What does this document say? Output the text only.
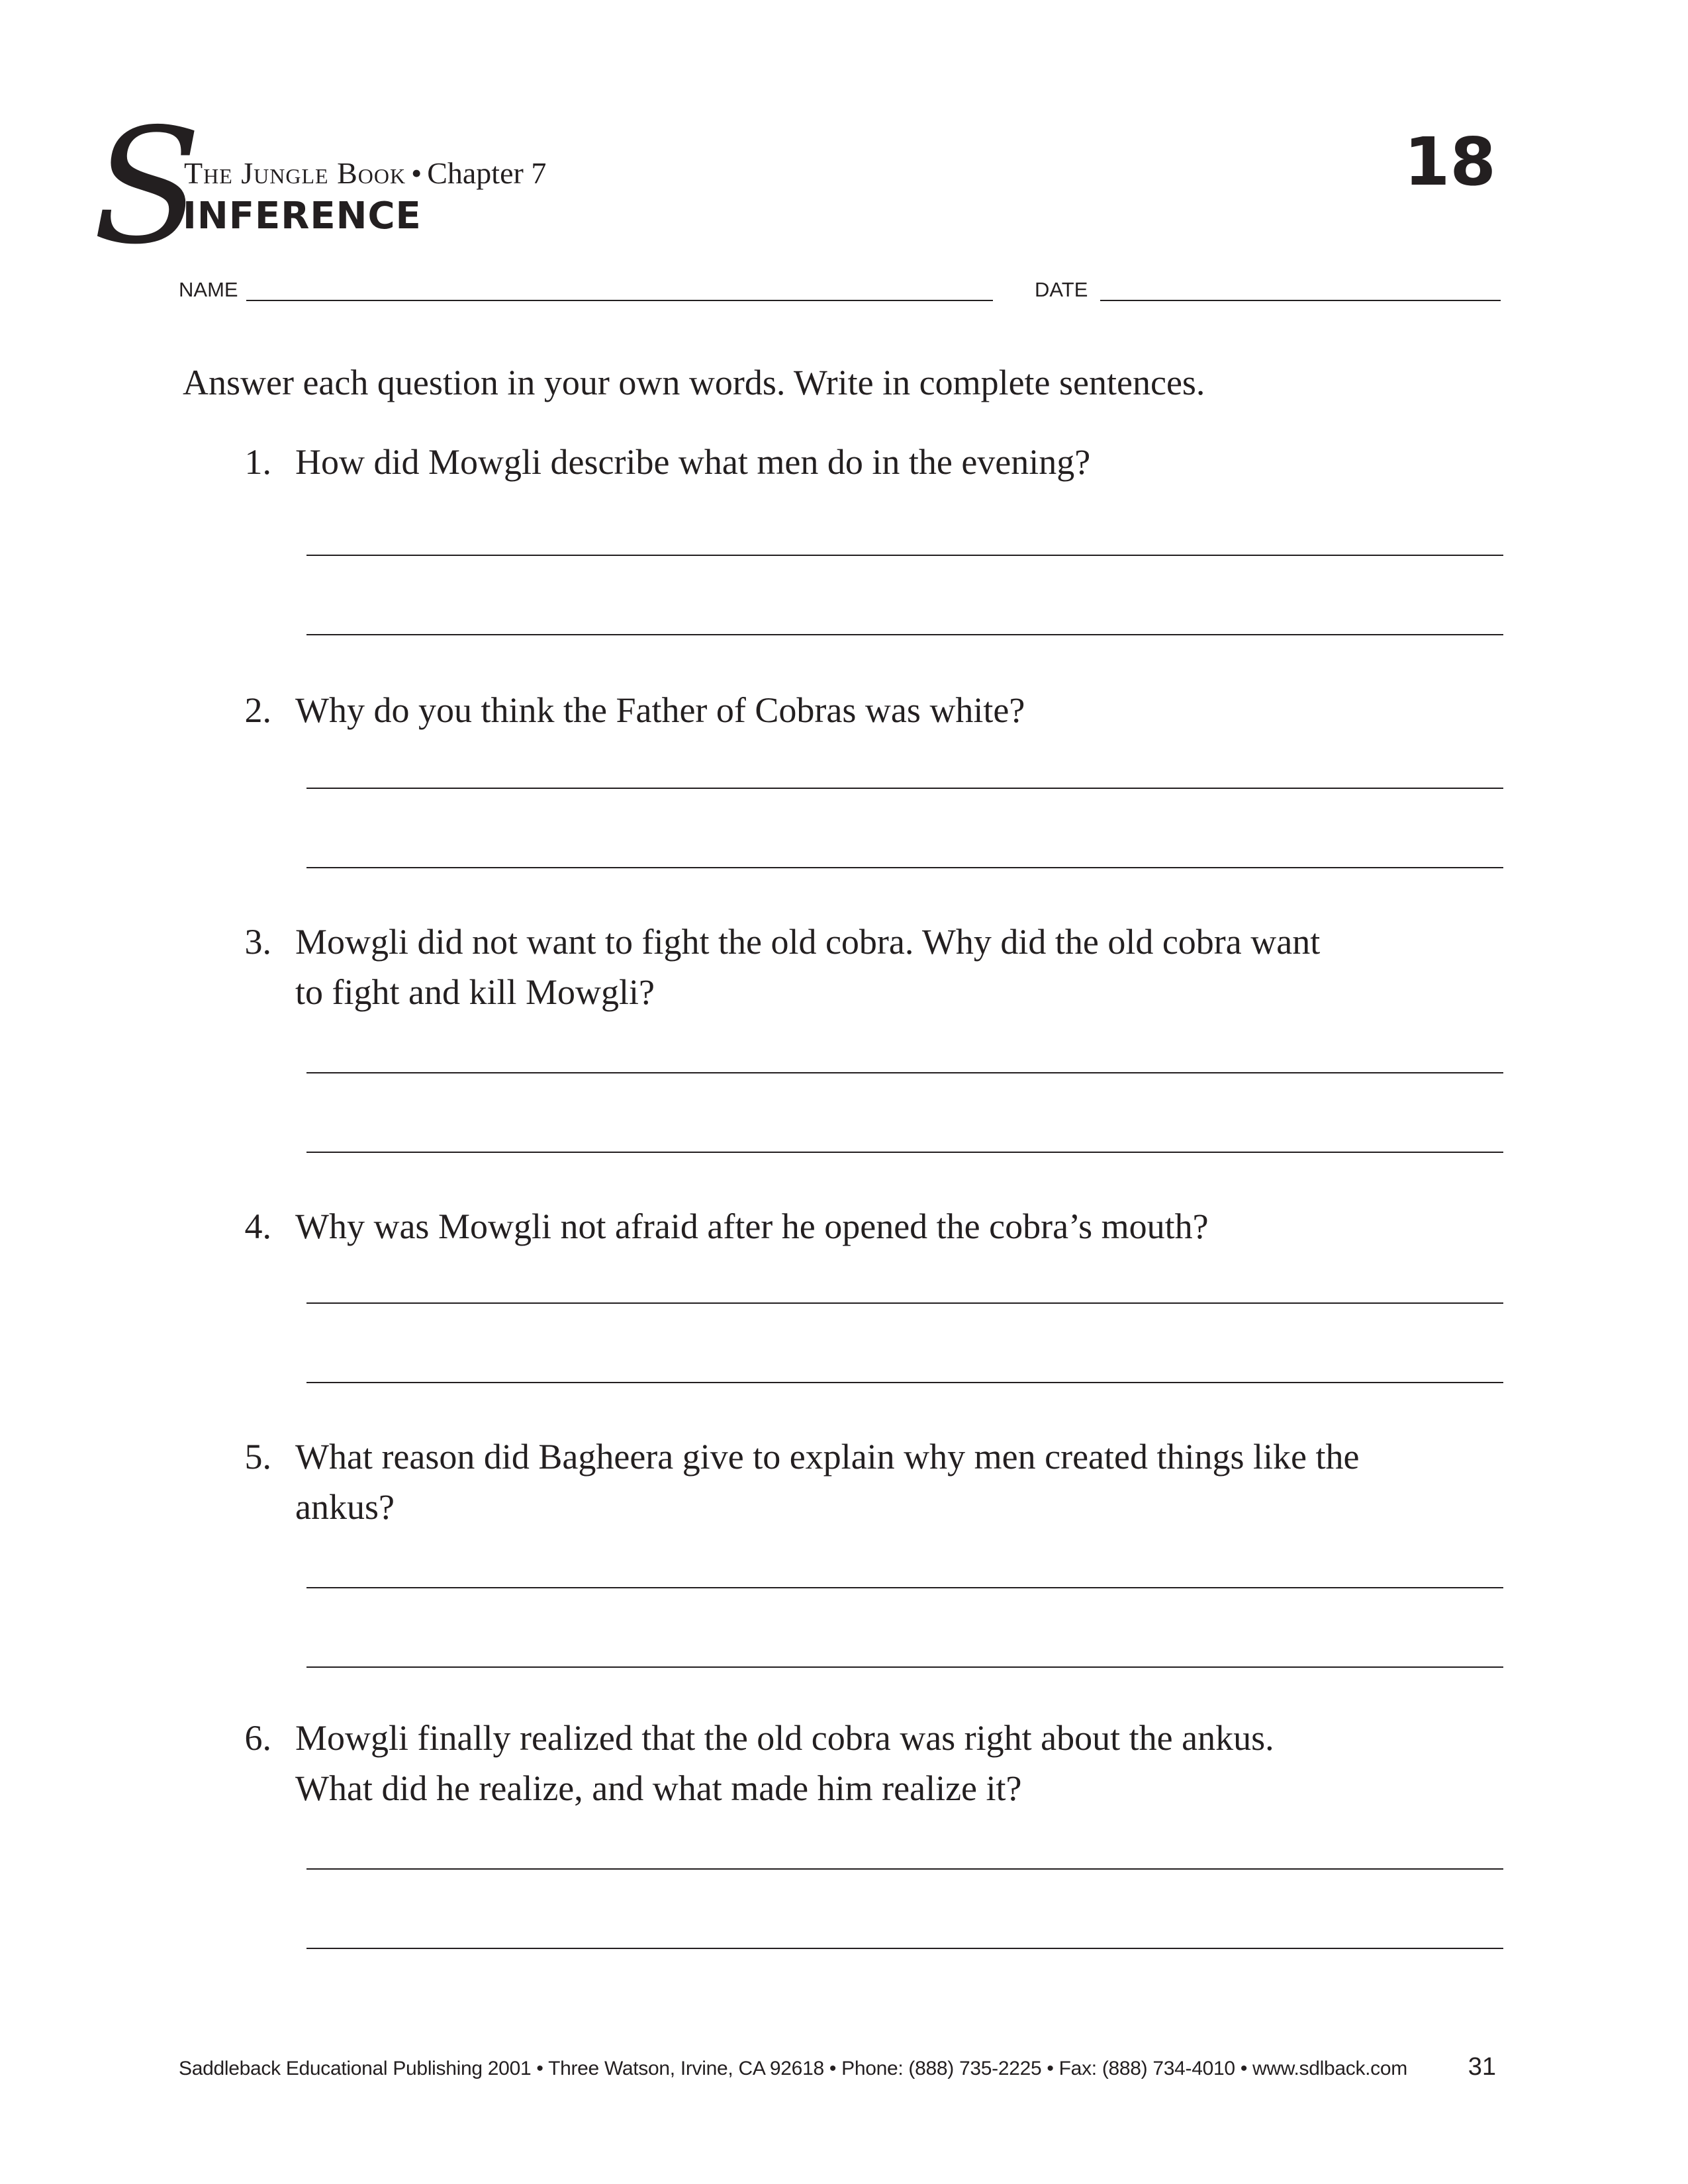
S
The Jungle Book • Chapter 7
INFERENCE
18
NAME	DATE
Answer each question in your own words. Write in complete sentences.
1. How did Mowgli describe what men do in the evening?
2. Why do you think the Father of Cobras was white?
3. Mowgli did not want to fight the old cobra. Why did the old cobra want
to fight and kill Mowgli?
4. Why was Mowgli not afraid after he opened the cobra’s mouth?
5. What reason did Bagheera give to explain why men created things like the
ankus?
6. Mowgli finally realized that the old cobra was right about the ankus.
What did he realize, and what made him realize it?
Saddleback Educational Publishing 2001 • Three Watson, Irvine, CA 92618 • Phone: (888) 735-2225 • Fax: (888) 734-4010 • www.sdlback.com 31
